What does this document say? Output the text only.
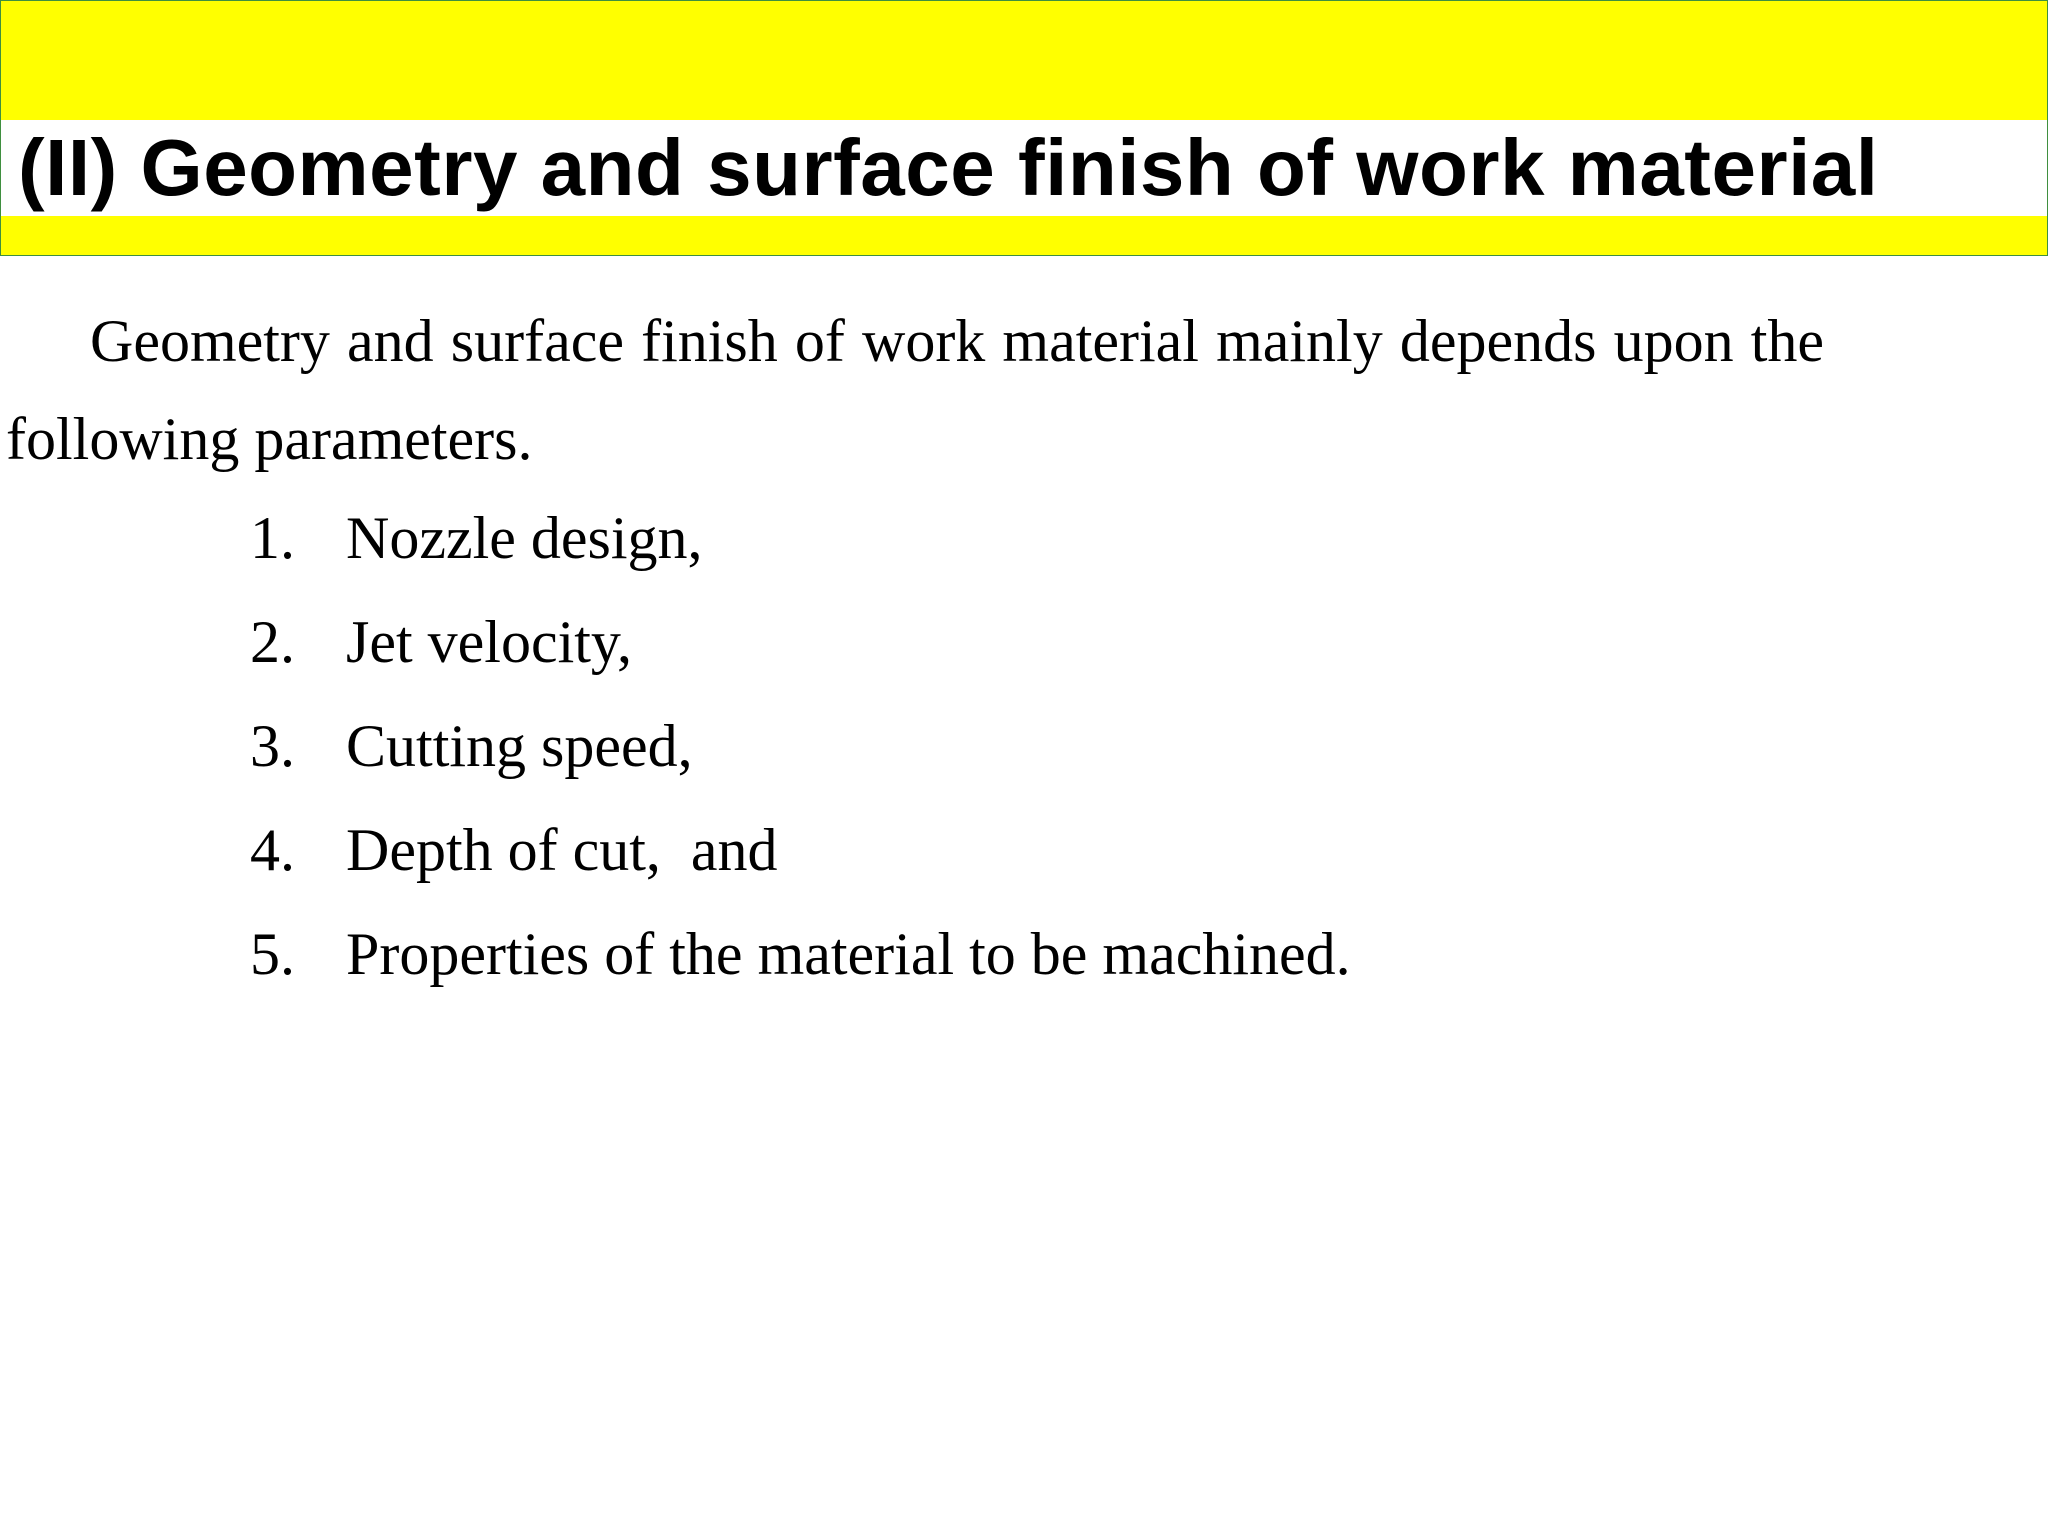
(II) Geometry and surface finish of work material

Geometry and surface finish of work material mainly depends upon the following parameters.

1. Nozzle design,
2. Jet velocity,
3. Cutting speed,
4. Depth of cut,  and
5. Properties of the material to be machined.
